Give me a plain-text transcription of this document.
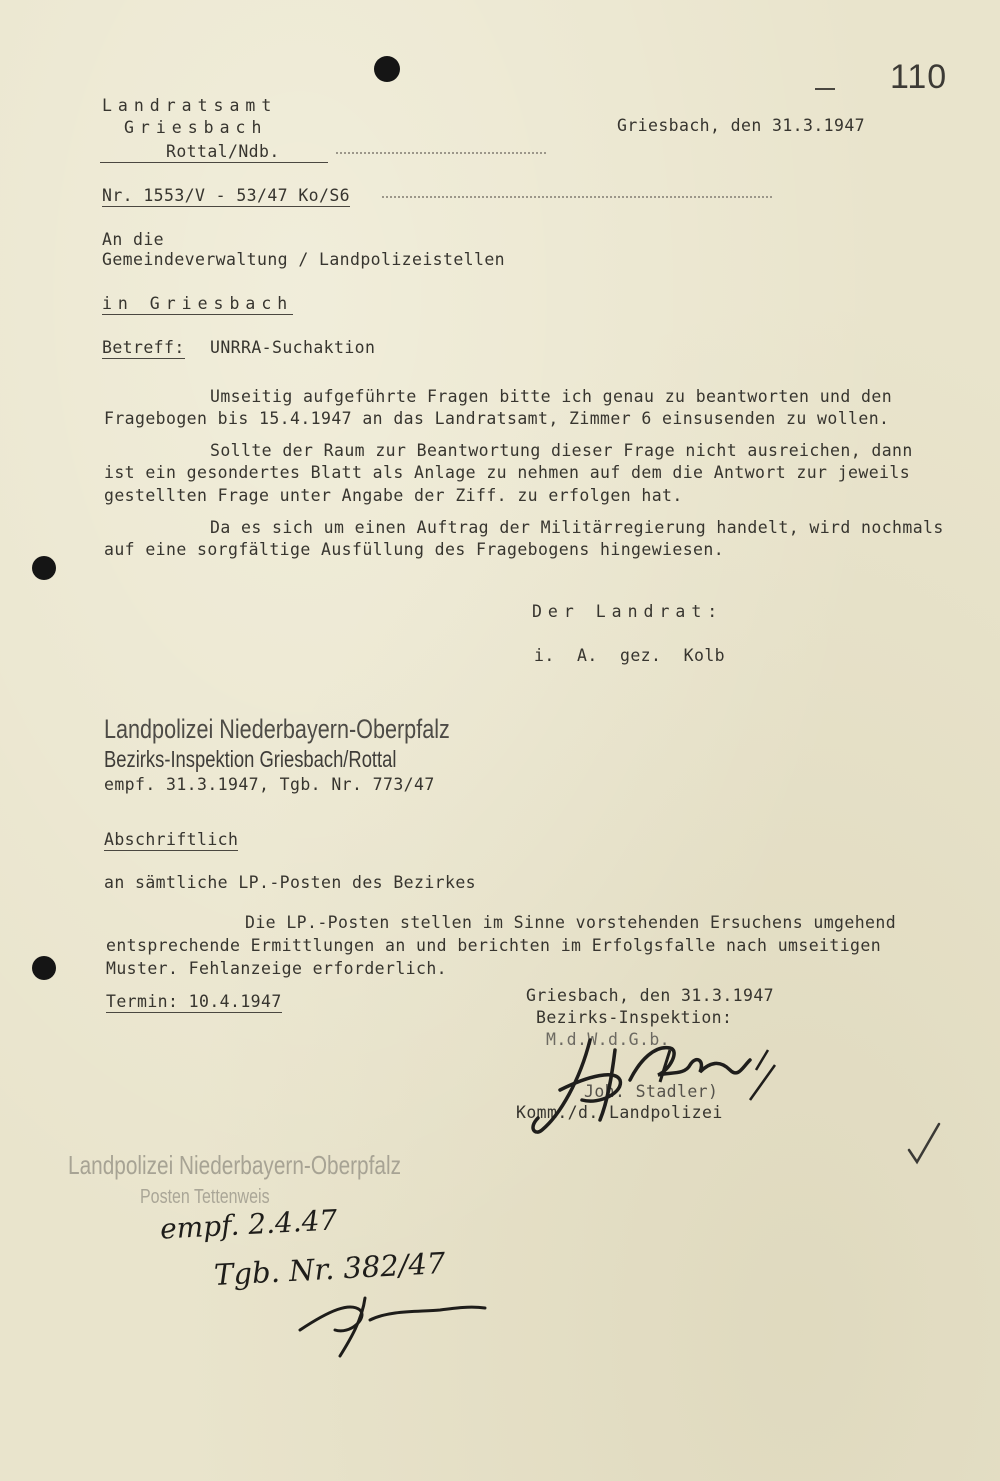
110
Landratsamt
Griesbach
Rottal/Ndb.
Griesbach, den 31.3.1947
Nr. 1553/V - 53/47 Ko/S6
An die
Gemeindeverwaltung / Landpolizeistellen
in Griesbach
Betreff: UNRRA-Suchaktion
Umseitig aufgeführte Fragen bitte ich genau zu beantworten und den
Fragebogen bis 15.4.1947 an das Landratsamt, Zimmer 6 einsusenden zu wollen.
Sollte der Raum zur Beantwortung dieser Frage nicht ausreichen, dann
ist ein gesondertes Blatt als Anlage zu nehmen auf dem die Antwort zur jeweils
gestellten Frage unter Angabe der Ziff. zu erfolgen hat.
Da es sich um einen Auftrag der Militärregierung handelt, wird nochmals
auf eine sorgfältige Ausfüllung des Fragebogens hingewiesen.
Der Landrat:
i. A. gez. Kolb
Landpolizei Niederbayern-Oberpfalz
Bezirks-Inspektion Griesbach/Rottal
empf. 31.3.1947, Tgb. Nr. 773/47
Abschriftlich
an sämtliche LP.-Posten des Bezirkes
Die LP.-Posten stellen im Sinne vorstehenden Ersuchens umgehend
entsprechende Ermittlungen an und berichten im Erfolgsfalle nach umseitigen
Muster. Fehlanzeige erforderlich.
Termin: 10.4.1947	Griesbach, den 31.3.1947
Bezirks-Inspektion:
M.d.W.d.G.b.
Joh. Stadler)
Komm./d. Landpolizei
Landpolizei Niederbayern-Oberpfalz
Posten Tettenweis
empf. 2.4.47
Tgb. Nr. 382/47
